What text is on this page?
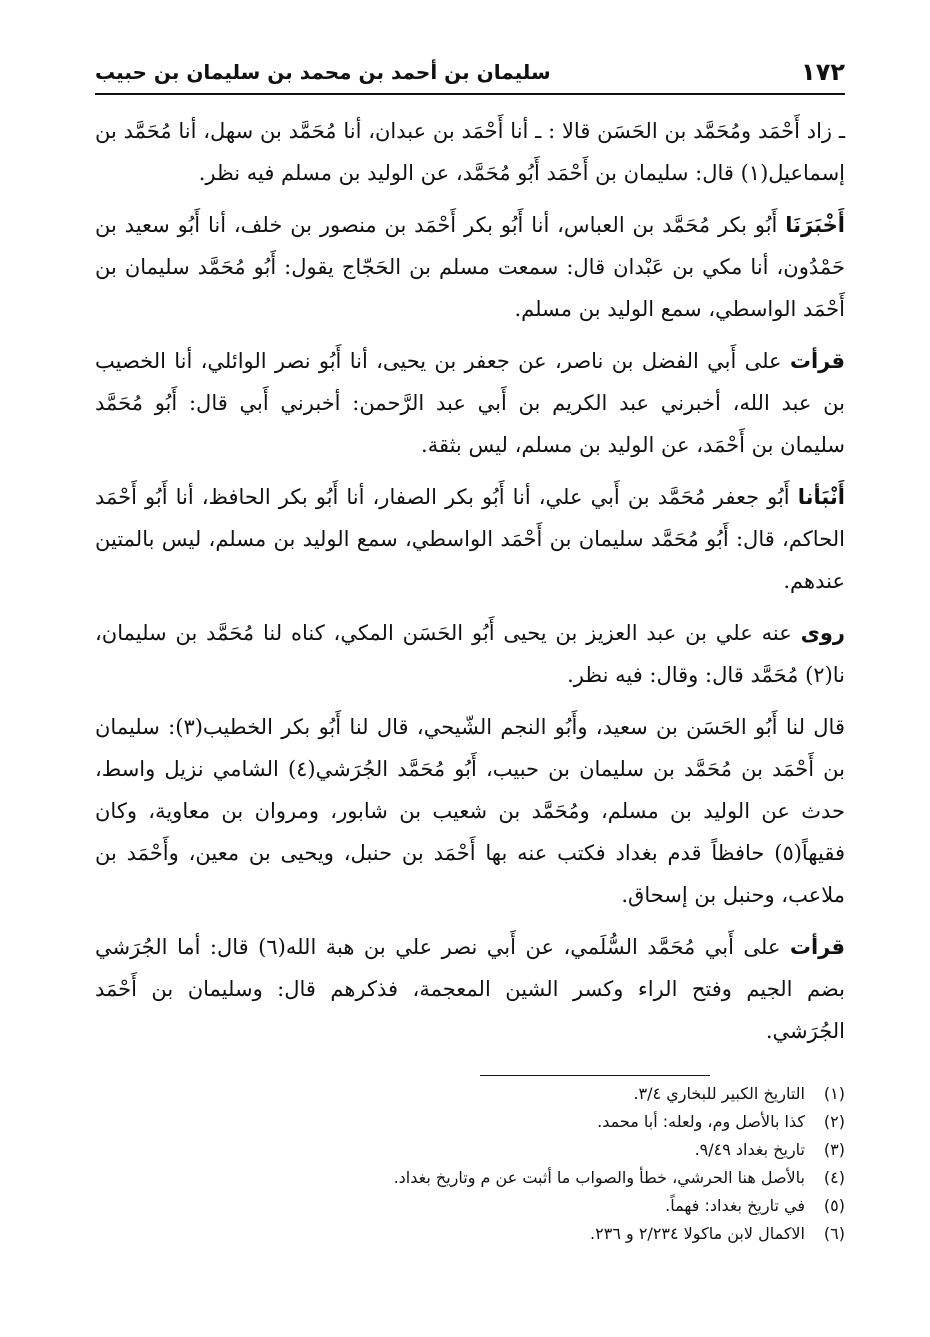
١٧٢
سليمان بن أحمد بن محمد بن سليمان بن حبيب

ـ زاد أَحْمَد ومُحَمَّد بن الحَسَن قالا : ـ أنا أَحْمَد بن عبدان، أنا مُحَمَّد بن سهل، أنا مُحَمَّد بن إسماعيل(١) قال: سليمان بن أَحْمَد أَبُو مُحَمَّد، عن الوليد بن مسلم فيه نظر.

أَخْبَرَنَا أَبُو بكر مُحَمَّد بن العباس، أنا أَبُو بكر أَحْمَد بن منصور بن خلف، أنا أَبُو سعيد بن حَمْدُون، أنا مكي بن عَبْدان قال: سمعت مسلم بن الحَجّاج يقول: أَبُو مُحَمَّد سليمان بن أَحْمَد الواسطي، سمع الوليد بن مسلم.

قرأت على أَبي الفضل بن ناصر، عن جعفر بن يحيى، أنا أَبُو نصر الوائلي، أنا الخصيب بن عبد الله، أخبرني عبد الكريم بن أَبي عبد الرَّحمن: أخبرني أَبي قال: أَبُو مُحَمَّد سليمان بن أَحْمَد، عن الوليد بن مسلم، ليس بثقة.

أَنْبَأنا أَبُو جعفر مُحَمَّد بن أَبي علي، أنا أَبُو بكر الصفار، أنا أَبُو بكر الحافظ، أنا أَبُو أَحْمَد الحاكم، قال: أَبُو مُحَمَّد سليمان بن أَحْمَد الواسطي، سمع الوليد بن مسلم، ليس بالمتين عندهم.

روى عنه علي بن عبد العزيز بن يحيى أَبُو الحَسَن المكي، كناه لنا مُحَمَّد بن سليمان، نا(٢) مُحَمَّد قال: وقال: فيه نظر.

قال لنا أَبُو الحَسَن بن سعيد، وأَبُو النجم الشّيحي، قال لنا أَبُو بكر الخطيب(٣): سليمان بن أَحْمَد بن مُحَمَّد بن سليمان بن حبيب، أَبُو مُحَمَّد الجُرَشي(٤) الشامي نزيل واسط، حدث عن الوليد بن مسلم، ومُحَمَّد بن شعيب بن شابور، ومروان بن معاوية، وكان فقيهاً(٥) حافظاً قدم بغداد فكتب عنه بها أَحْمَد بن حنبل، ويحيى بن معين، وأَحْمَد بن ملاعب، وحنبل بن إسحاق.

قرأت على أَبي مُحَمَّد السُّلَمي، عن أَبي نصر علي بن هبة الله(٦) قال: أما الجُرَشي بضم الجيم وفتح الراء وكسر الشين المعجمة، فذكرهم قال: وسليمان بن أَحْمَد الجُرَشي.

(١)
التاريخ الكبير للبخاري ٣/٤.
(٢)
كذا بالأصل وم، ولعله: أبا محمد.
(٣)
تاريخ بغداد ٩/٤٩.
(٤)
بالأصل هنا الحرشي، خطأ والصواب ما أثبت عن م وتاريخ بغداد.
(٥)
في تاريخ بغداد: فهماً.
(٦)
الاكمال لابن ماكولا ٢/٢٣٤ و ٢٣٦.
